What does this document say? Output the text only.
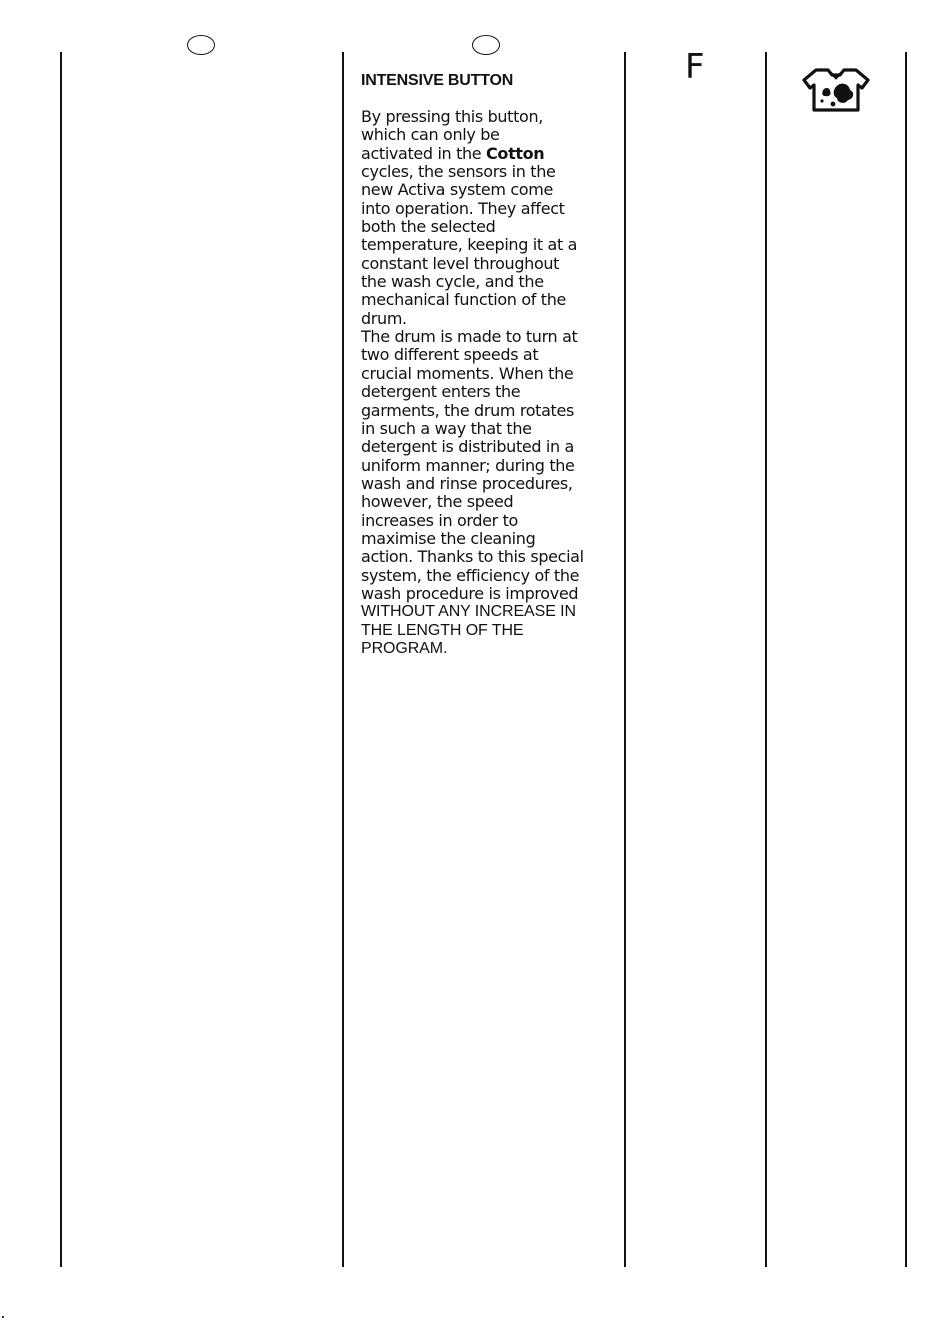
INTENSIVE BUTTON

By pressing this button,
which can only be
activated in the Cotton
cycles, the sensors in the
new Activa system come
into operation. They affect
both the selected
temperature, keeping it at a
constant level throughout
the wash cycle, and the
mechanical function of the
drum.
The drum is made to turn at
two different speeds at
crucial moments. When the
detergent enters the
garments, the drum rotates
in such a way that the
detergent is distributed in a
uniform manner; during the
wash and rinse procedures,
however, the speed
increases in order to
maximise the cleaning
action. Thanks to this special
system, the efficiency of the
wash procedure is improved
WITHOUT ANY INCREASE IN
THE LENGTH OF THE
PROGRAM.

F
